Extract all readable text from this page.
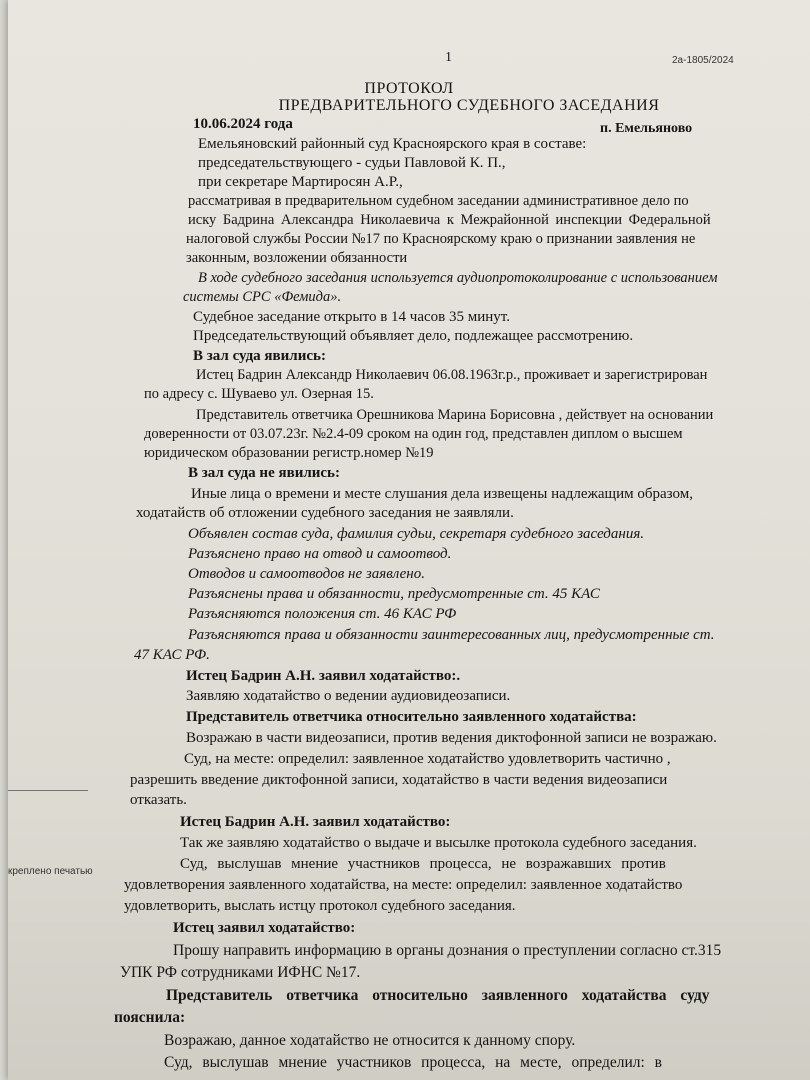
креплено печатью
1	2а-1805/2024
ПРОТОКОЛ
ПРЕДВАРИТЕЛЬНОГО СУДЕБНОГО ЗАСЕДАНИЯ
10.06.2024 года	п. Емельяново
Емельяновский районный суд Красноярского края в составе:
председательствующего - судьи Павловой К. П.,
при секретаре Мартиросян А.Р.,
рассматривая в предварительном судебном заседании административное дело по
иску Бадрина Александра Николаевича к Межрайонной инспекции Федеральной
налоговой службы России №17 по Красноярскому краю о признании заявления не
законным, возложении обязанности
В ходе судебного заседания используется аудиопротоколирование с использованием
системы СРС «Фемида».
Судебное заседание открыто в 14 часов 35 минут.
Председательствующий объявляет дело, подлежащее рассмотрению.
В зал суда явились:
Истец Бадрин Александр Николаевич 06.08.1963г.р., проживает и зарегистрирован
по адресу с. Шуваево ул. Озерная 15.
Представитель ответчика Орешникова Марина Борисовна , действует на основании
доверенности от 03.07.23г. №2.4-09 сроком на один год, представлен диплом о высшем
юридическом образовании регистр.номер №19
В зал суда не явились:
Иные лица о времени и месте слушания дела извещены надлежащим образом,
ходатайств об отложении судебного заседания не заявляли.
Объявлен состав суда, фамилия судьи, секретаря судебного заседания.
Разъяснено право на отвод и самоотвод.
Отводов и самоотводов не заявлено.
Разъяснены права и обязанности, предусмотренные ст. 45 КАС
Разъясняются положения ст. 46 КАС РФ
Разъясняются права и обязанности заинтересованных лиц, предусмотренные ст.
47 КАС РФ.
Истец Бадрин А.Н. заявил ходатайство:.
Заявляю ходатайство о ведении аудиовидеозаписи.
Представитель ответчика относительно заявленного ходатайства:
Возражаю в части видеозаписи, против ведения диктофонной записи не возражаю.
Суд, на месте: определил: заявленное ходатайство удовлетворить частично ,
разрешить введение диктофонной записи, ходатайство в части ведения видеозаписи
отказать.
Истец Бадрин А.Н. заявил ходатайство:
Так же заявляю ходатайство о выдаче и высылке протокола судебного заседания.
Суд, выслушав мнение участников процесса, не возражавших против
удовлетворения заявленного ходатайства, на месте: определил: заявленное ходатайство
удовлетворить, выслать истцу протокол судебного заседания.
Истец заявил ходатайство:
Прошу направить информацию в органы дознания о преступлении согласно ст.315
УПК РФ сотрудниками ИФНС №17.
Представитель ответчика относительно заявленного ходатайства суду
пояснила:
Возражаю, данное ходатайство не относится к данному спору.
Суд, выслушав мнение участников процесса, на месте, определил: в
